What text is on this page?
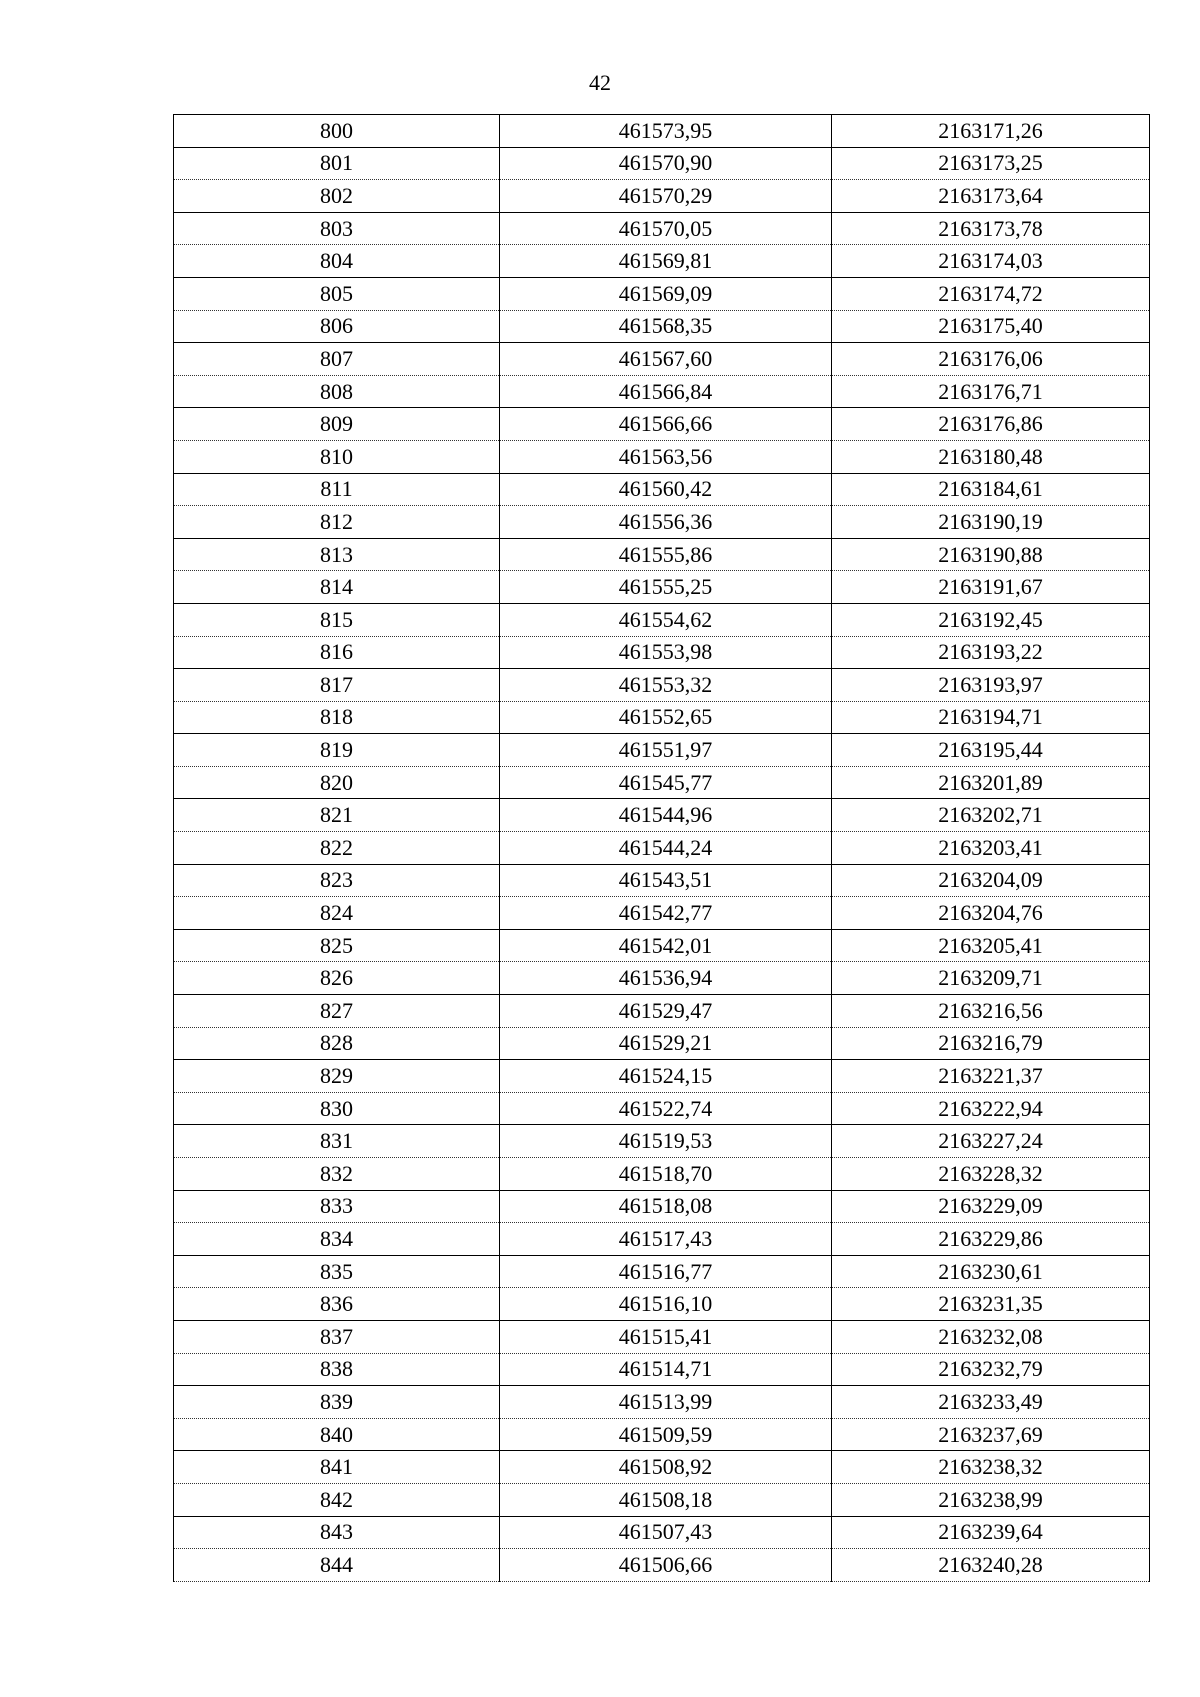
42
800	461573,95	2163171,26
801	461570,90	2163173,25
802	461570,29	2163173,64
803	461570,05	2163173,78
804	461569,81	2163174,03
805	461569,09	2163174,72
806	461568,35	2163175,40
807	461567,60	2163176,06
808	461566,84	2163176,71
809	461566,66	2163176,86
810	461563,56	2163180,48
811	461560,42	2163184,61
812	461556,36	2163190,19
813	461555,86	2163190,88
814	461555,25	2163191,67
815	461554,62	2163192,45
816	461553,98	2163193,22
817	461553,32	2163193,97
818	461552,65	2163194,71
819	461551,97	2163195,44
820	461545,77	2163201,89
821	461544,96	2163202,71
822	461544,24	2163203,41
823	461543,51	2163204,09
824	461542,77	2163204,76
825	461542,01	2163205,41
826	461536,94	2163209,71
827	461529,47	2163216,56
828	461529,21	2163216,79
829	461524,15	2163221,37
830	461522,74	2163222,94
831	461519,53	2163227,24
832	461518,70	2163228,32
833	461518,08	2163229,09
834	461517,43	2163229,86
835	461516,77	2163230,61
836	461516,10	2163231,35
837	461515,41	2163232,08
838	461514,71	2163232,79
839	461513,99	2163233,49
840	461509,59	2163237,69
841	461508,92	2163238,32
842	461508,18	2163238,99
843	461507,43	2163239,64
844	461506,66	2163240,28
